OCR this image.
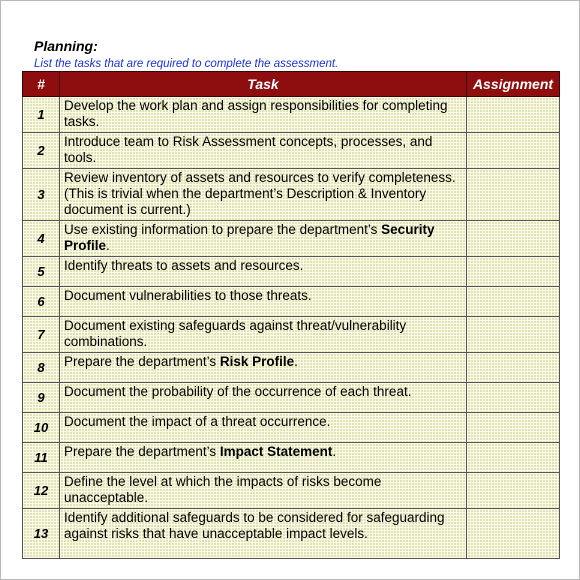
Planning:
List the tasks that are required to complete the assessment.
#	Task	Assignment
1	Develop the work plan and assign responsibilities for completing tasks.	
2	Introduce team to Risk Assessment concepts, processes, and tools.	
3	Review inventory of assets and resources to verify completeness. (This is trivial when the department’s Description & Inventory document is current.)	
4	Use existing information to prepare the department’s Security Profile.	
5	Identify threats to assets and resources.	
6	Document vulnerabilities to those threats.	
7	Document existing safeguards against threat/vulnerability combinations.	
8	Prepare the department’s Risk Profile.	
9	Document the probability of the occurrence of each threat.	
10	Document the impact of a threat occurrence.	
11	Prepare the department’s Impact Statement.	
12	Define the level at which the impacts of risks become unacceptable.	
13	Identify additional safeguards to be considered for safeguarding against risks that have unacceptable impact levels.	
